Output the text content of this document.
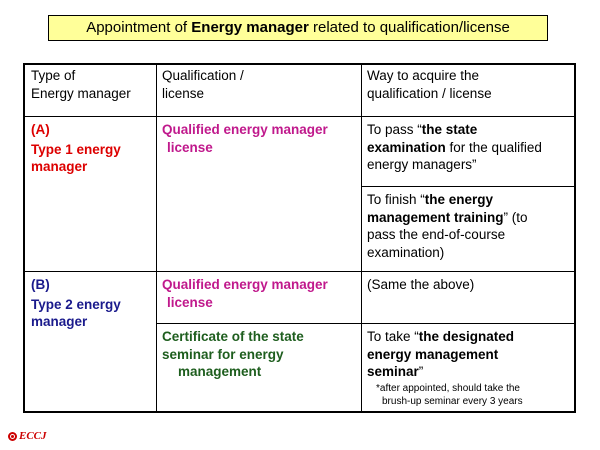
Appointment of Energy manager related to qualification/license
Type of
Energy manager
Qualification /
license
Way to acquire the
qualification / license
(A)
Type 1 energy
manager
Qualified energy manager
license
To pass “the state
examination for the qualified
energy managers”
To finish “the energy
management training” (to
pass the end-of-course
examination)
(B)
Type 2 energy
manager
Qualified energy manager
license
(Same the above)
Certificate of the state
seminar for energy
management
To take “the designated
energy management
seminar”
*after appointed, should take the
brush-up seminar every 3 years
ECCJ
